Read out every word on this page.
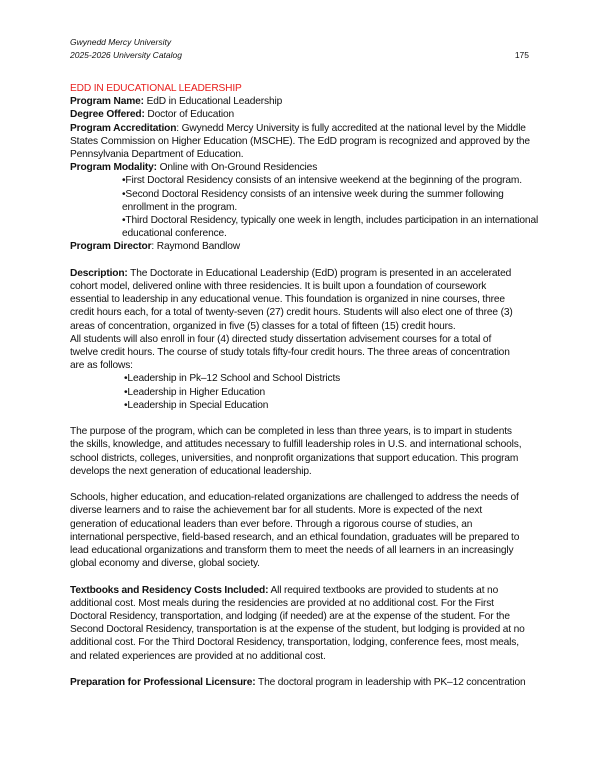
Gwynedd Mercy University
2025-2026 University Catalog	175
EDD IN EDUCATIONAL LEADERSHIP
Program Name: EdD in Educational Leadership
Degree Offered: Doctor of Education
Program Accreditation: Gwynedd Mercy University is fully accredited at the national level by the Middle
States Commission on Higher Education (MSCHE). The EdD program is recognized and approved by the
Pennsylvania Department of Education.
Program Modality: Online with On-Ground Residencies
•First Doctoral Residency consists of an intensive weekend at the beginning of the program.
•Second Doctoral Residency consists of an intensive week during the summer following
enrollment in the program.
•Third Doctoral Residency, typically one week in length, includes participation in an international
educational conference.
Program Director: Raymond Bandlow
Description: The Doctorate in Educational Leadership (EdD) program is presented in an accelerated
cohort model, delivered online with three residencies. It is built upon a foundation of coursework
essential to leadership in any educational venue. This foundation is organized in nine courses, three
credit hours each, for a total of twenty-seven (27) credit hours. Students will also elect one of three (3)
areas of concentration, organized in five (5) classes for a total of fifteen (15) credit hours.
All students will also enroll in four (4) directed study dissertation advisement courses for a total of
twelve credit hours. The course of study totals fifty-four credit hours. The three areas of concentration
are as follows:
•Leadership in Pk–12 School and School Districts
•Leadership in Higher Education
•Leadership in Special Education
The purpose of the program, which can be completed in less than three years, is to impart in students
the skills, knowledge, and attitudes necessary to fulfill leadership roles in U.S. and international schools,
school districts, colleges, universities, and nonprofit organizations that support education. This program
develops the next generation of educational leadership.
Schools, higher education, and education-related organizations are challenged to address the needs of
diverse learners and to raise the achievement bar for all students. More is expected of the next
generation of educational leaders than ever before. Through a rigorous course of studies, an
international perspective, field-based research, and an ethical foundation, graduates will be prepared to
lead educational organizations and transform them to meet the needs of all learners in an increasingly
global economy and diverse, global society.
Textbooks and Residency Costs Included: All required textbooks are provided to students at no
additional cost. Most meals during the residencies are provided at no additional cost. For the First
Doctoral Residency, transportation, and lodging (if needed) are at the expense of the student. For the
Second Doctoral Residency, transportation is at the expense of the student, but lodging is provided at no
additional cost. For the Third Doctoral Residency, transportation, lodging, conference fees, most meals,
and related experiences are provided at no additional cost.
Preparation for Professional Licensure: The doctoral program in leadership with PK–12 concentration
